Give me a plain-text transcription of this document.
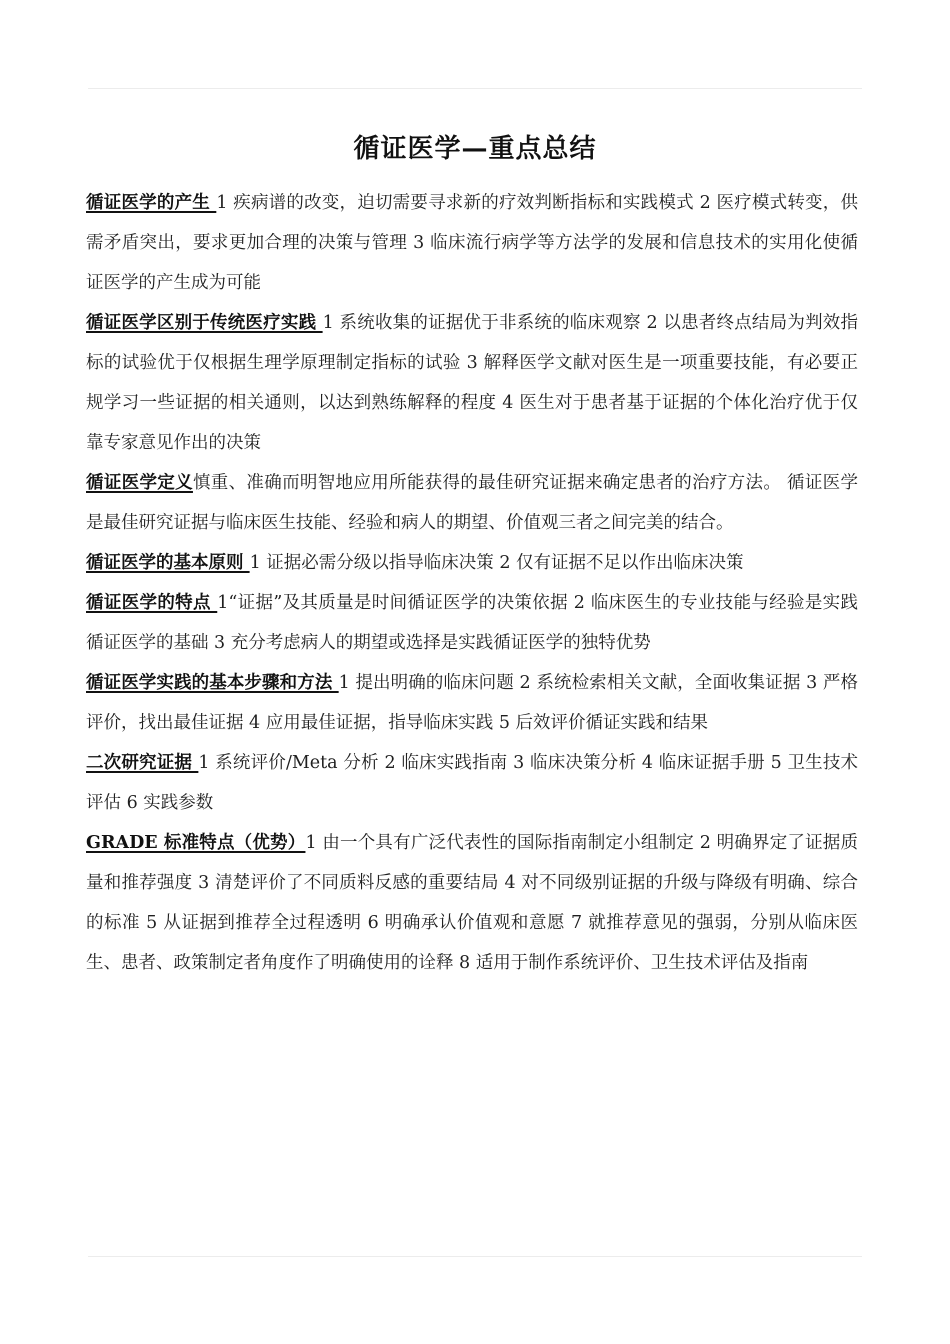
循证医学—重点总结

循证医学的产生 1 疾病谱的改变，迫切需要寻求新的疗效判断指标和实践模式 2 医疗模式转变，供需矛盾突出，要求更加合理的决策与管理 3 临床流行病学等方法学的发展和信息技术的实用化使循证医学的产生成为可能

循证医学区别于传统医疗实践 1 系统收集的证据优于非系统的临床观察 2 以患者终点结局为判效指标的试验优于仅根据生理学原理制定指标的试验 3 解释医学文献对医生是一项重要技能，有必要正规学习一些证据的相关通则，以达到熟练解释的程度 4 医生对于患者基于证据的个体化治疗优于仅靠专家意见作出的决策

循证医学定义慎重、准确而明智地应用所能获得的最佳研究证据来确定患者的治疗方法。 循证医学是最佳研究证据与临床医生技能、经验和病人的期望、价值观三者之间完美的结合。

循证医学的基本原则 1 证据必需分级以指导临床决策 2 仅有证据不足以作出临床决策

循证医学的特点 1“证据”及其质量是时间循证医学的决策依据 2 临床医生的专业技能与经验是实践循证医学的基础 3 充分考虑病人的期望或选择是实践循证医学的独特优势

循证医学实践的基本步骤和方法 1 提出明确的临床问题 2 系统检索相关文献，全面收集证据 3 严格评价，找出最佳证据 4 应用最佳证据，指导临床实践 5 后效评价循证实践和结果

二次研究证据 1 系统评价/Meta 分析 2 临床实践指南 3 临床决策分析 4 临床证据手册 5 卫生技术评估 6 实践参数

GRADE 标准特点（优势）1 由一个具有广泛代表性的国际指南制定小组制定 2 明确界定了证据质量和推荐强度 3 清楚评价了不同质料反感的重要结局 4 对不同级别证据的升级与降级有明确、综合的标准 5 从证据到推荐全过程透明 6 明确承认价值观和意愿 7 就推荐意见的强弱，分别从临床医生、患者、政策制定者角度作了明确使用的诠释 8 适用于制作系统评价、卫生技术评估及指南
